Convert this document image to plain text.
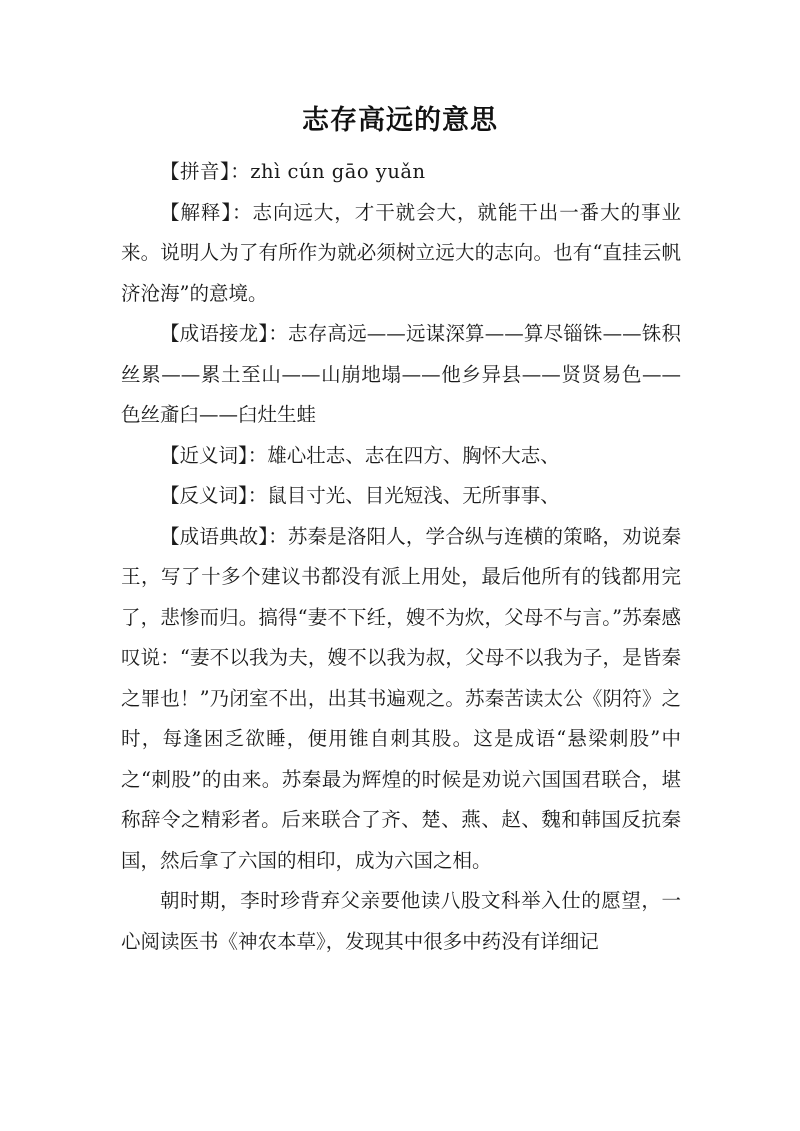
志存高远的意思

【拼音】：zhì cún gāo yuǎn

【解释】：志向远大，才干就会大，就能干出一番大的事业来。说明人为了有所作为就必须树立远大的志向。也有“直挂云帆济沧海”的意境。

【成语接龙】：志存高远——远谋深算——算尽锱铢——铢积丝累——累土至山——山崩地塌——他乡异县——贤贤易色——色丝齑臼——臼灶生蛙

【近义词】：雄心壮志、志在四方、胸怀大志、

【反义词】：鼠目寸光、目光短浅、无所事事、

【成语典故】：苏秦是洛阳人，学合纵与连横的策略，劝说秦王，写了十多个建议书都没有派上用处，最后他所有的钱都用完了，悲惨而归。搞得“妻不下纴，嫂不为炊，父母不与言。”苏秦感叹说：“妻不以我为夫，嫂不以我为叔，父母不以我为子，是皆秦之罪也！”乃闭室不出，出其书遍观之。苏秦苦读太公《阴符》之时，每逢困乏欲睡，便用锥自刺其股。这是成语“悬梁刺股”中之“刺股”的由来。苏秦最为辉煌的时候是劝说六国国君联合，堪称辞令之精彩者。后来联合了齐、楚、燕、赵、魏和韩国反抗秦国，然后拿了六国的相印，成为六国之相。

朝时期，李时珍背弃父亲要他读八股文科举入仕的愿望，一心阅读医书《神农本草》，发现其中很多中药没有详细记
